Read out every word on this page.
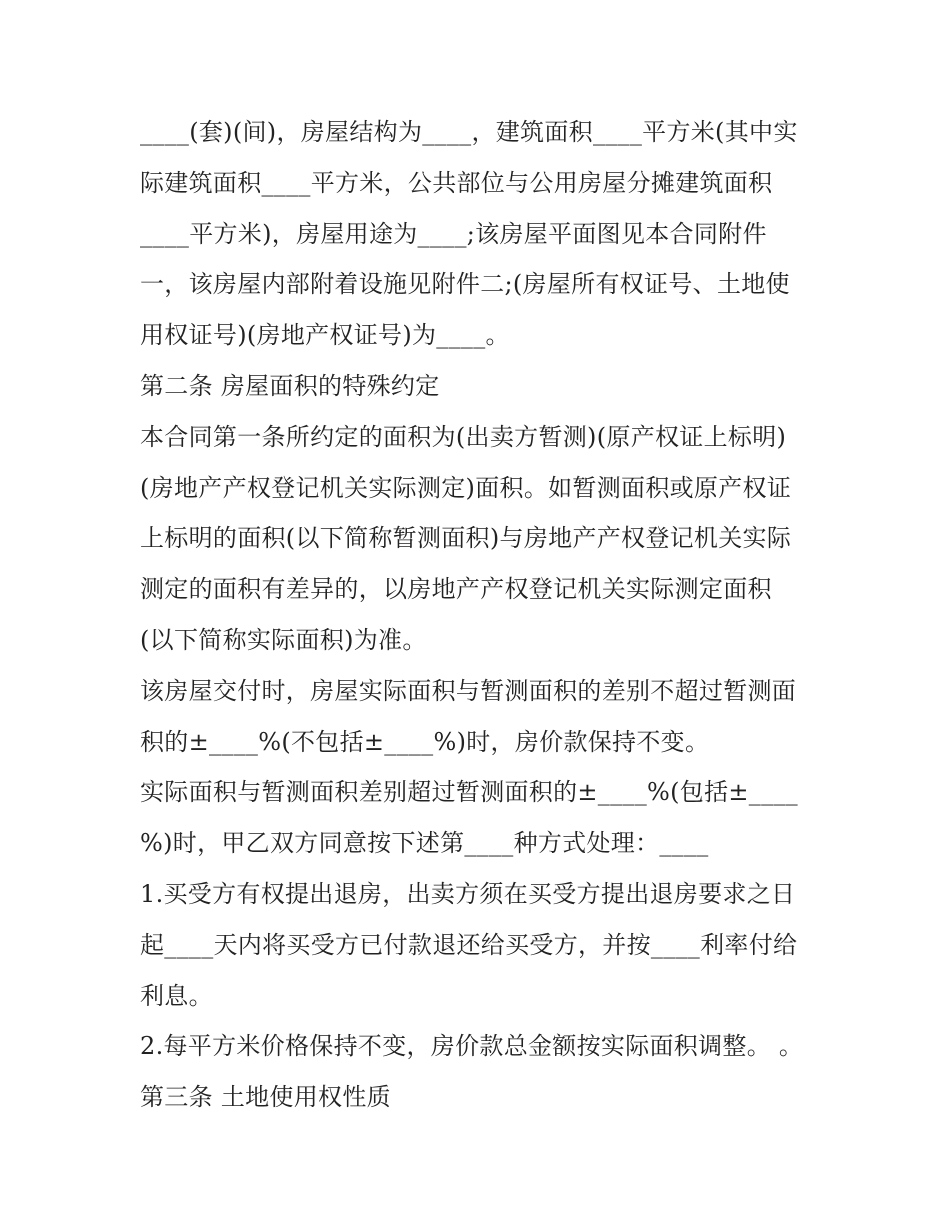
____(套)(间)，房屋结构为____，建筑面积____平方米(其中实
际建筑面积____平方米，公共部位与公用房屋分摊建筑面积
____平方米)，房屋用途为____;该房屋平面图见本合同附件
一，该房屋内部附着设施见附件二;(房屋所有权证号、土地使
用权证号)(房地产权证号)为____。
第二条 房屋面积的特殊约定
本合同第一条所约定的面积为(出卖方暂测)(原产权证上标明)
(房地产产权登记机关实际测定)面积。如暂测面积或原产权证
上标明的面积(以下简称暂测面积)与房地产产权登记机关实际
测定的面积有差异的，以房地产产权登记机关实际测定面积
(以下简称实际面积)为准。
该房屋交付时，房屋实际面积与暂测面积的差别不超过暂测面
积的±____%(不包括±____%)时，房价款保持不变。
实际面积与暂测面积差别超过暂测面积的±____%(包括±____
%)时，甲乙双方同意按下述第____种方式处理：____
1.买受方有权提出退房，出卖方须在买受方提出退房要求之日
起____天内将买受方已付款退还给买受方，并按____利率付给
利息。
2.每平方米价格保持不变，房价款总金额按实际面积调整。 。
第三条 土地使用权性质
